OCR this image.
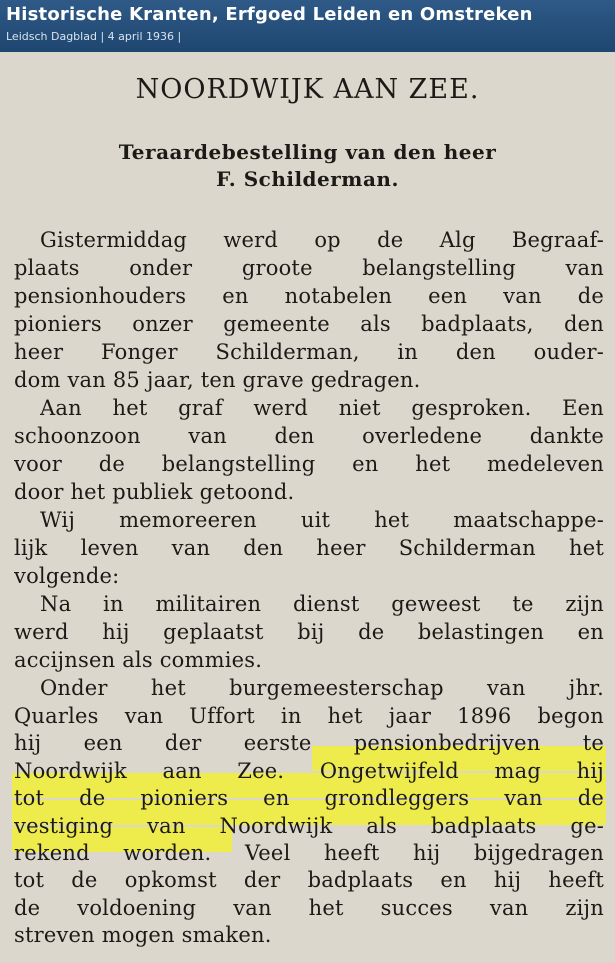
Historische Kranten, Erfgoed Leiden en Omstreken
Leidsch Dagblad | 4 april 1936 |
NOORDWIJK AAN ZEE.
Teraardebestelling van den heer
F. Schilderman.
Gistermiddag werd op de Alg Begraaf-
plaats onder groote belangstelling van
pensionhouders en notabelen een van de
pioniers onzer gemeente als badplaats, den
heer Fonger Schilderman, in den ouder-
dom van 85 jaar, ten grave gedragen.
Aan het graf werd niet gesproken. Een
schoonzoon van den overledene dankte
voor de belangstelling en het medeleven
door het publiek getoond.
Wij memoreeren uit het maatschappe-
lijk leven van den heer Schilderman het
volgende:
Na in militairen dienst geweest te zijn
werd hij geplaatst bij de belastingen en
accijnsen als commies.
Onder het burgemeesterschap van jhr.
Quarles van Uffort in het jaar 1896 begon
hij een der eerste pensionbedrijven te
Noordwijk aan Zee. Ongetwijfeld mag hij
tot de pioniers en grondleggers van de
vestiging van Noordwijk als badplaats ge-
rekend worden. Veel heeft hij bijgedragen
tot de opkomst der badplaats en hij heeft
de voldoening van het succes van zijn
streven mogen smaken.
